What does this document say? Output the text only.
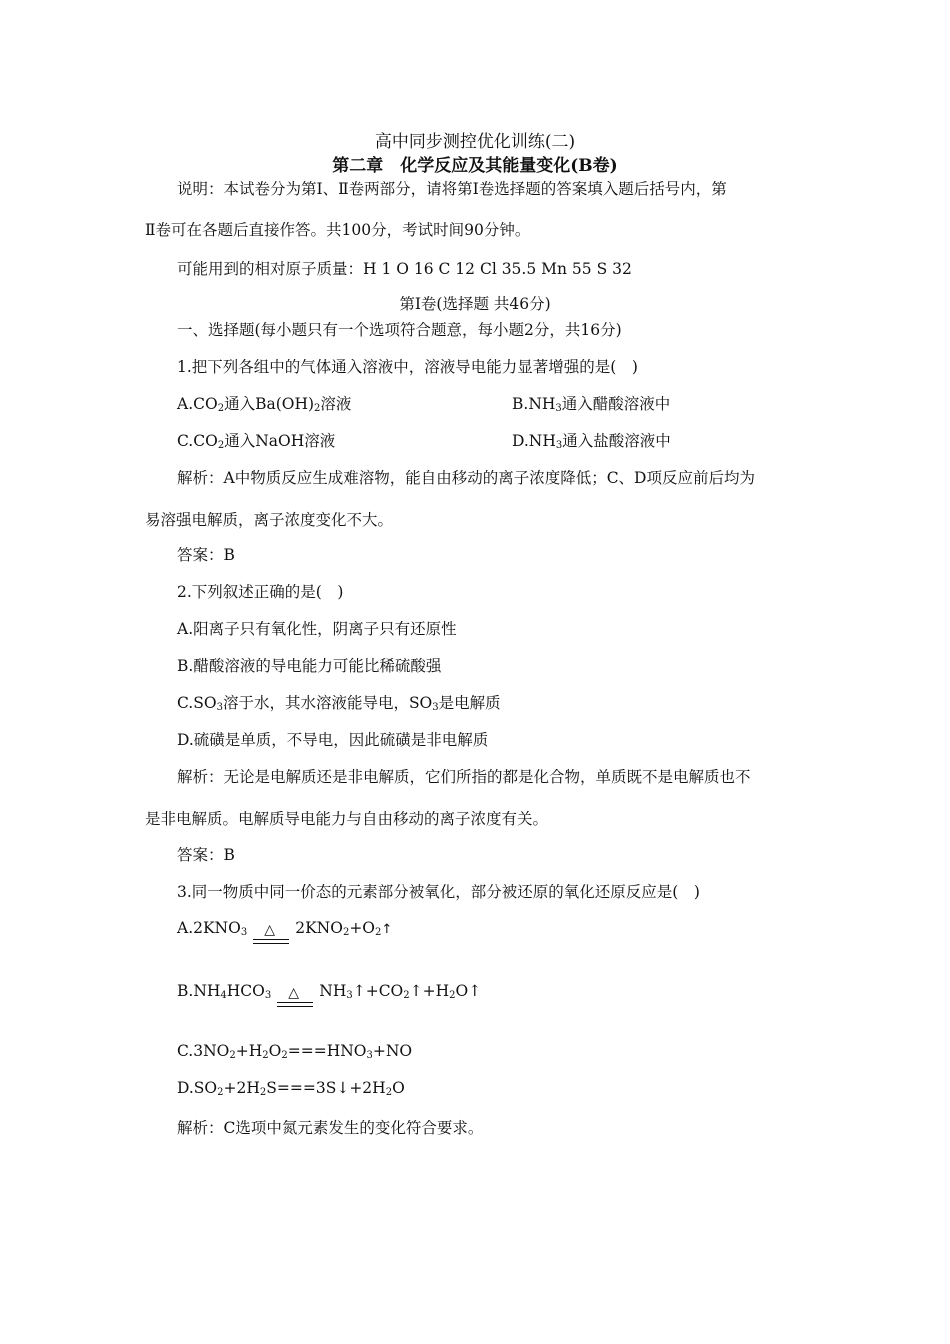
高中同步测控优化训练(二)
第二章　化学反应及其能量变化(B卷)
说明：本试卷分为第Ⅰ、Ⅱ卷两部分，请将第Ⅰ卷选择题的答案填入题后括号内，第
Ⅱ卷可在各题后直接作答。共100分，考试时间90分钟。
可能用到的相对原子质量：H 1 O 16 C 12 Cl 35.5 Mn 55 S 32
第Ⅰ卷(选择题 共46分)
一、选择题(每小题只有一个选项符合题意，每小题2分，共16分)
1.把下列各组中的气体通入溶液中，溶液导电能力显著增强的是(　)
$A.CO_2$通入$Ba(OH)_2$溶液	$B.NH_3$通入醋酸溶液中
$C.CO_2$通入NaOH溶液	$D.NH_3$通入盐酸溶液中
解析：A中物质反应生成难溶物，能自由移动的离子浓度降低；C、D项反应前后均为
易溶强电解质，离子浓度变化不大。
答案：B
2.下列叙述正确的是(　)
A.阳离子只有氧化性，阴离子只有还原性
B.醋酸溶液的导电能力可能比稀硫酸强
$C.SO_3$溶于水，其水溶液能导电，$SO_3$是电解质
D.硫磺是单质，不导电，因此硫磺是非电解质
解析：无论是电解质还是非电解质，它们所指的都是化合物，单质既不是电解质也不
是非电解质。电解质导电能力与自由移动的离子浓度有关。
答案：B
3.同一物质中同一价态的元素部分被氧化，部分被还原的氧化还原反应是(　)
$A.2KNO_3$ △ $2KNO_2+O_2↑$
$B.NH_4HCO_3$ △ $NH_3↑+CO_2↑+H_2O↑$
$C.3NO_2+H_2O_2===HNO_3+NO$
$D.SO_2+2H_2S===3S↓+2H_2O$
解析：C选项中氮元素发生的变化符合要求。
